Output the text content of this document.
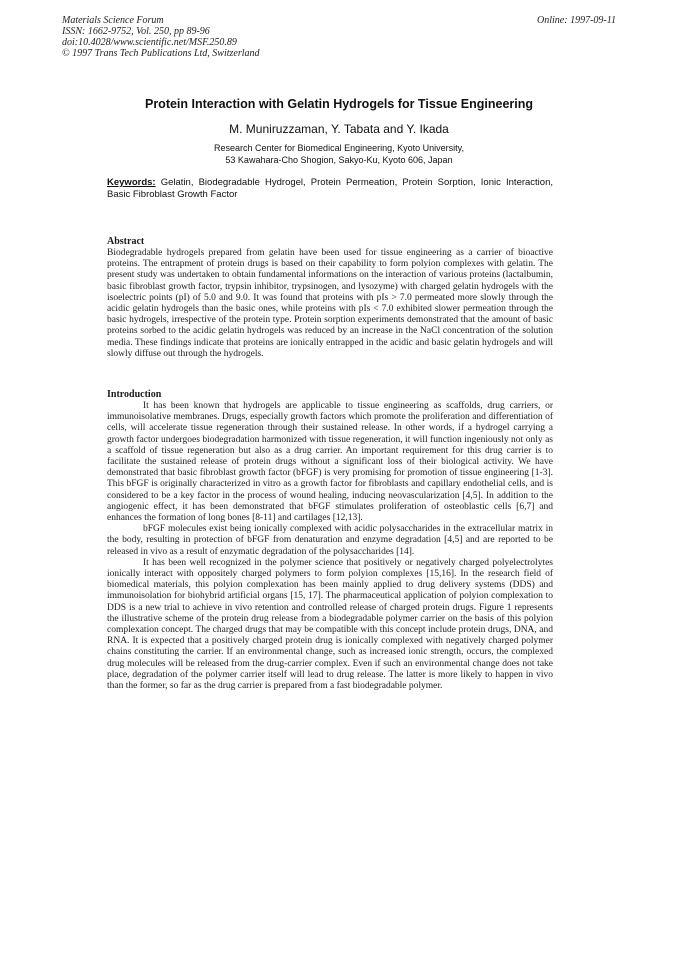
Materials Science Forum
ISSN: 1662-9752, Vol. 250, pp 89-96
doi:10.4028/www.scientific.net/MSF.250.89
© 1997 Trans Tech Publications Ltd, Switzerland
Online: 1997-09-11
Protein Interaction with Gelatin Hydrogels for Tissue Engineering
M. Muniruzzaman, Y. Tabata and Y. Ikada
Research Center for Biomedical Engineering, Kyoto University,
53 Kawahara-Cho Shogion, Sakyo-Ku, Kyoto 606, Japan
Keywords: Gelatin, Biodegradable Hydrogel, Protein Permeation, Protein Sorption, Ionic Interaction, Basic Fibroblast Growth Factor
Abstract

Biodegradable hydrogels prepared from gelatin have been used for tissue engineering as a carrier of bioactive proteins. The entrapment of protein drugs is based on their capability to form polyion complexes with gelatin. The present study was undertaken to obtain fundamental informations on the interaction of various proteins (lactalbumin, basic fibroblast growth factor, trypsin inhibitor, trypsinogen, and lysozyme) with charged gelatin hydrogels with the isoelectric points (pI) of 5.0 and 9.0. It was found that proteins with pIs > 7.0 permeated more slowly through the acidic gelatin hydrogels than the basic ones, while proteins with pIs < 7.0 exhibited slower permeation through the basic hydrogels, irrespective of the protein type. Protein sorption experiments demonstrated that the amount of basic proteins sorbed to the acidic gelatin hydrogels was reduced by an increase in the NaCl concentration of the solution media. These findings indicate that proteins are ionically entrapped in the acidic and basic gelatin hydrogels and will slowly diffuse out through the hydrogels.

Introduction

It has been known that hydrogels are applicable to tissue engineering as scaffolds, drug carriers, or immunoisolative membranes. Drugs, especially growth factors which promote the proliferation and differentiation of cells, will accelerate tissue regeneration through their sustained release. In other words, if a hydrogel carrying a growth factor undergoes biodegradation harmonized with tissue regeneration, it will function ingeniously not only as a scaffold of tissue regeneration but also as a drug carrier. An important requirement for this drug carrier is to facilitate the sustained release of protein drugs without a significant loss of their biological activity. We have demonstrated that basic fibroblast growth factor (bFGF) is very promising for promotion of tissue engineering [1-3]. This bFGF is originally characterized in vitro as a growth factor for fibroblasts and capillary endothelial cells, and is considered to be a key factor in the process of wound healing, inducing neovascularization [4,5]. In addition to the angiogenic effect, it has been demonstrated that bFGF stimulates proliferation of osteoblastic cells [6,7] and enhances the formation of long bones [8-11] and cartilages [12,13].

bFGF molecules exist being ionically complexed with acidic polysaccharides in the extracellular matrix in the body, resulting in protection of bFGF from denaturation and enzyme degradation [4,5] and are reported to be released in vivo as a result of enzymatic degradation of the polysaccharides [14].

It has been well recognized in the polymer science that positively or negatively charged polyelectrolytes ionically interact with oppositely charged polymers to form polyion complexes [15,16]. In the research field of biomedical materials, this polyion complexation has been mainly applied to drug delivery systems (DDS) and immunoisolation for biohybrid artificial organs [15, 17]. The pharmaceutical application of polyion complexation to DDS is a new trial to achieve in vivo retention and controlled release of charged protein drugs. Figure 1 represents the illustrative scheme of the protein drug release from a biodegradable polymer carrier on the basis of this polyion complexation concept. The charged drugs that may be compatible with this concept include protein drugs, DNA, and RNA. It is expected that a positively charged protein drug is ionically complexed with negatively charged polymer chains constituting the carrier. If an environmental change, such as increased ionic strength, occurs, the complexed drug molecules will be released from the drug-carrier complex. Even if such an environmental change does not take place, degradation of the polymer carrier itself will lead to drug release. The latter is more likely to happen in vivo than the former, so far as the drug carrier is prepared from a fast biodegradable polymer.
